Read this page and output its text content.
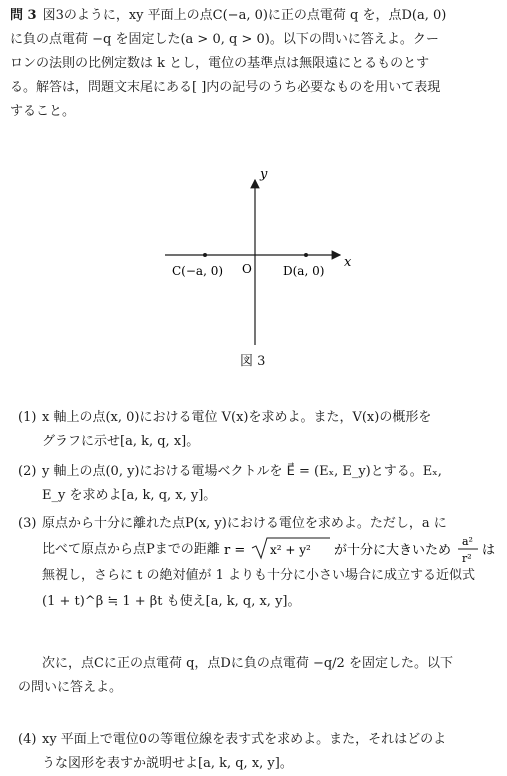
問 3 図3のように，xy 平面上の点C(−a, 0)に正の点電荷 q を，点D(a, 0)
に負の点電荷 −q を固定した(a > 0, q > 0)。以下の問いに答えよ。クー
ロンの法則の比例定数は k とし，電位の基準点は無限遠にとるものとす
る。解答は，問題文末尾にある[ ]内の記号のうち必要なものを用いて表現
すること。
y
x
C(−a, 0) O	D(a, 0)
図 3
(1) x 軸上の点(x, 0)における電位 V(x)を求めよ。また，V(x)の概形を
グラフに示せ[a, k, q, x]。
(2) y 軸上の点(0, y)における電場ベクトルを E⃗ = (Eₓ, E_y)とする。Eₓ,
E_y を求めよ[a, k, q, x, y]。
(3) 原点から十分に離れた点P(x, y)における電位を求めよ。ただし，a に
比べて原点から点Pまでの距離 r = x² + y² が十分に大きいため
a²
r²
は
無視し，さらに t の絶対値が 1 よりも十分に小さい場合に成立する近似式
(1 + t)^β ≒ 1 + βt も使え[a, k, q, x, y]。
次に，点Cに正の点電荷 q，点Dに負の点電荷 −q/2 を固定した。以下
の問いに答えよ。
(4) xy 平面上で電位0の等電位線を表す式を求めよ。また，それはどのよ
うな図形を表すか説明せよ[a, k, q, x, y]。
